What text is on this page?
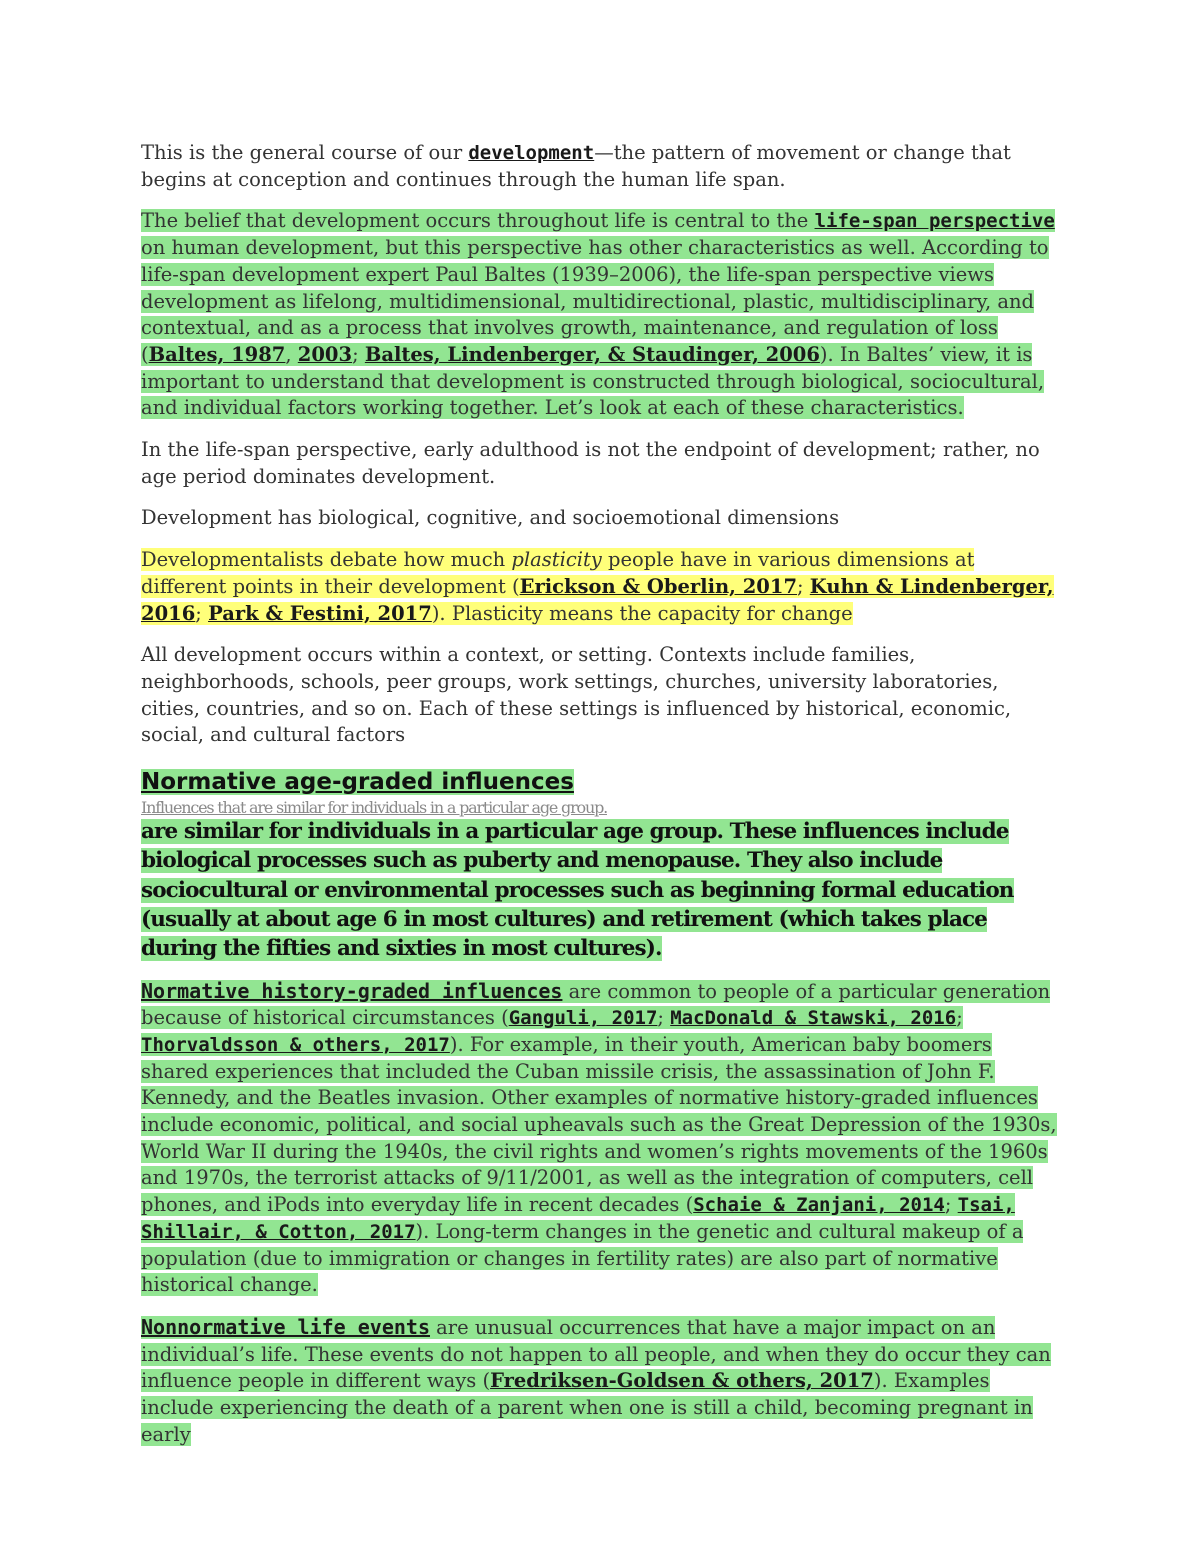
This is the general course of our development—the pattern of movement or change that begins at conception and continues through the human life span.

The belief that development occurs throughout life is central to the life-span perspective on human development, but this perspective has other characteristics as well. According to life-span development expert Paul Baltes (1939–2006), the life-span perspective views development as lifelong, multidimensional, multidirectional, plastic, multidisciplinary, and contextual, and as a process that involves growth, maintenance, and regulation of loss (Baltes, 1987, 2003; Baltes, Lindenberger, & Staudinger, 2006). In Baltes’ view, it is important to understand that development is constructed through biological, sociocultural, and individual factors working together. Let’s look at each of these characteristics.

In the life-span perspective, early adulthood is not the endpoint of development; rather, no age period dominates development.

Development has biological, cognitive, and socioemotional dimensions

Developmentalists debate how much plasticity people have in various dimensions at different points in their development (Erickson & Oberlin, 2017; Kuhn & Lindenberger, 2016; Park & Festini, 2017). Plasticity means the capacity for change

All development occurs within a context, or setting. Contexts include families, neighborhoods, schools, peer groups, work settings, churches, university laboratories, cities, countries, and so on. Each of these settings is influenced by historical, economic, social, and cultural factors

Normative age-graded influences

Influences that are similar for individuals in a particular age group.

are similar for individuals in a particular age group. These influences include biological processes such as puberty and menopause. They also include sociocultural or environmental processes such as beginning formal education (usually at about age 6 in most cultures) and retirement (which takes place during the fifties and sixties in most cultures).

Normative history-graded influences are common to people of a particular generation because of historical circumstances (Ganguli, 2017; MacDonald & Stawski, 2016; Thorvaldsson & others, 2017). For example, in their youth, American baby boomers shared experiences that included the Cuban missile crisis, the assassination of John F. Kennedy, and the Beatles invasion. Other examples of normative history-graded influences include economic, political, and social upheavals such as the Great Depression of the 1930s, World War II during the 1940s, the civil rights and women’s rights movements of the 1960s and 1970s, the terrorist attacks of 9/11/2001, as well as the integration of computers, cell phones, and iPods into everyday life in recent decades (Schaie & Zanjani, 2014; Tsai, Shillair, & Cotton, 2017). Long-term changes in the genetic and cultural makeup of a population (due to immigration or changes in fertility rates) are also part of normative historical change.

Nonnormative life events are unusual occurrences that have a major impact on an individual’s life. These events do not happen to all people, and when they do occur they can influence people in different ways (Fredriksen-Goldsen & others, 2017). Examples include experiencing the death of a parent when one is still a child, becoming pregnant in early
